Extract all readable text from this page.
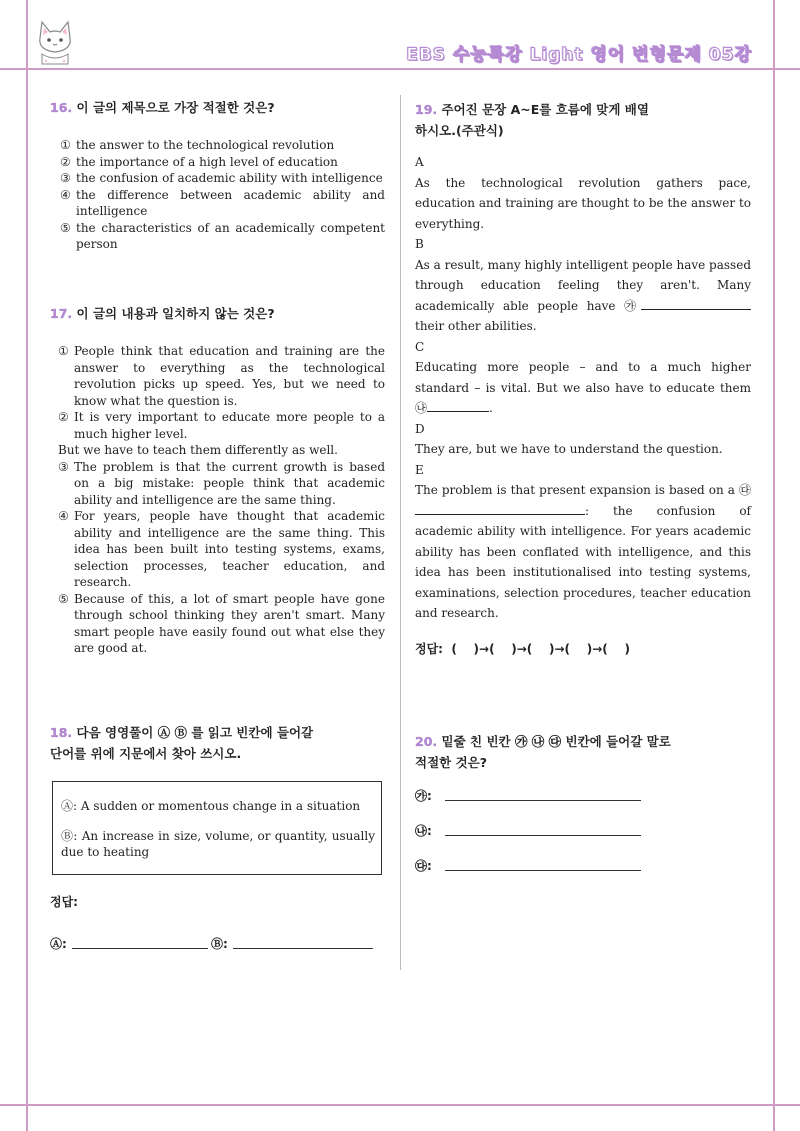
EBS 수능특강 Light 영어 변형문제 05강
16. 이 글의 제목으로 가장 적절한 것은?
① the answer to the technological revolution
② the importance of a high level of education
③ the confusion of academic ability with intelligence
④ the difference between academic ability and intelligence
⑤ the characteristics of an academically competent person
17. 이 글의 내용과 일치하지 않는 것은?
① People think that education and training are the answer to everything as the technological revolution picks up speed. Yes, but we need to know what the question is.
② It is very important to educate more people to a much higher level.
But we have to teach them differently as well.
③ The problem is that the current growth is based on a big mistake: people think that academic ability and intelligence are the same thing.
④ For years, people have thought that academic ability and intelligence are the same thing. This idea has been built into testing systems, exams, selection processes, teacher education, and research.
⑤ Because of this, a lot of smart people have gone through school thinking they aren't smart. Many smart people have easily found out what else they are good at.
18. 다음 영영풀이 Ⓐ Ⓑ 를 읽고 빈칸에 들어갈
단어를 위에 지문에서 찾아 쓰시오.
Ⓐ: A sudden or momentous change in a situation
Ⓑ: An increase in size, volume, or quantity, usually due to heating
정답:
Ⓐ:	Ⓑ:
19. 주어진 문장 A~E를 흐름에 맞게 배열
하시오.(주관식)
A
As the technological revolution gathers pace, education and training are thought to be the answer to everything.
B
As a result, many highly intelligent people have passed through education feeling they aren't. Many academically able people have ㉮ their other abilities.
C
Educating more people – and to a much higher standard – is vital. But we also have to educate them ㉯	.
D
They are, but we have to understand the question.
E
The problem is that present expansion is based on a ㉰: the confusion of academic ability with intelligence. For years academic ability has been conflated with intelligence, and this idea has been institutionalised into testing systems, examinations, selection procedures, teacher education and research.
정답:  (    )→(    )→(    )→(    )→(    )
20. 밑줄 친 빈칸 ㉮ ㉯ ㉰ 빈칸에 들어갈 말로
적절한 것은?
㉮:
㉯:
㉰:
